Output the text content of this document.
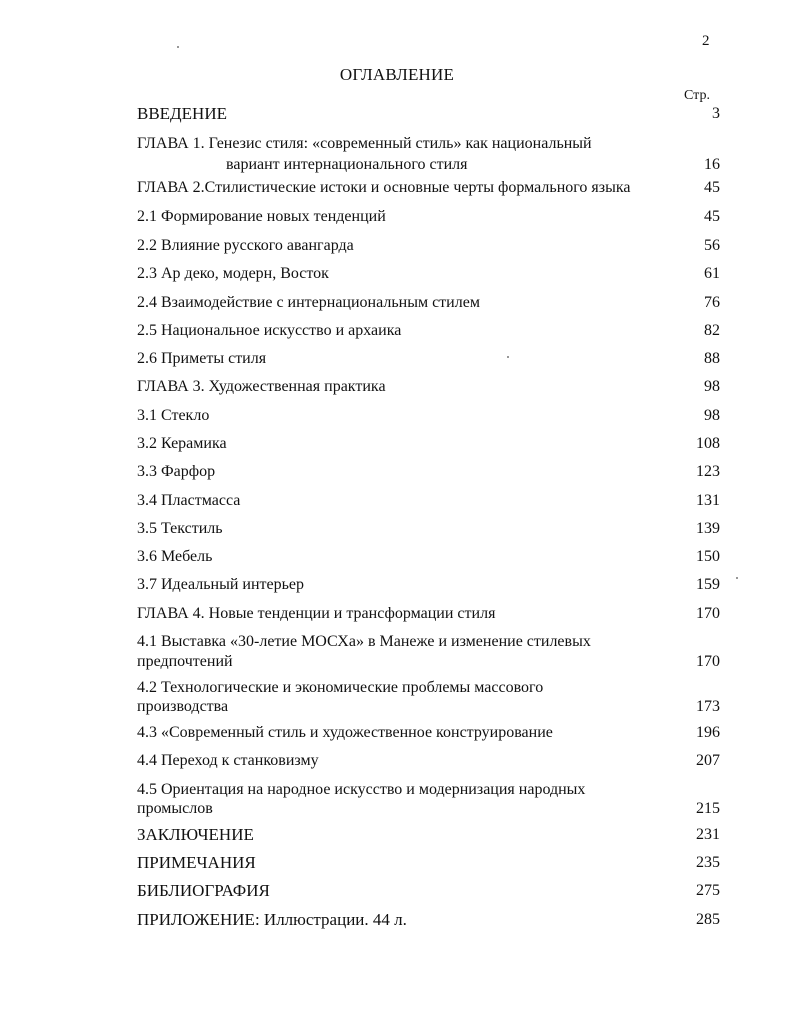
2
ОГЛАВЛЕНИЕ
Стр.
ВВЕДЕНИЕ	3
ГЛАВА 1. Генезис стиля: «современный стиль» как национальный
вариант интернационального стиля	16
ГЛАВА 2.Стилистические истоки и основные черты формального языка	45
2.1 Формирование новых тенденций	45
2.2 Влияние русского авангарда	56
2.3 Ар деко, модерн, Восток	61
2.4 Взаимодействие с интернациональным стилем	76
2.5 Национальное искусство и архаика	82
2.6 Приметы стиля	88
ГЛАВА 3. Художественная практика	98
3.1 Стекло	98
3.2 Керамика	108
3.3 Фарфор	123
3.4 Пластмасса	131
3.5 Текстиль	139
3.6 Мебель	150
3.7 Идеальный интерьер	159
ГЛАВА 4. Новые тенденции и трансформации стиля	170
4.1 Выставка «30-летие МОСХа» в Манеже и изменение стилевых
предпочтений	170
4.2 Технологические и экономические проблемы массового
производства	173
4.3 «Современный стиль и художественное конструирование	196
4.4 Переход к станковизму	207
4.5 Ориентация на народное искусство и модернизация народных
промыслов	215
ЗАКЛЮЧЕНИЕ	231
ПРИМЕЧАНИЯ	235
БИБЛИОГРАФИЯ	275
ПРИЛОЖЕНИЕ: Иллюстрации. 44 л.	285
